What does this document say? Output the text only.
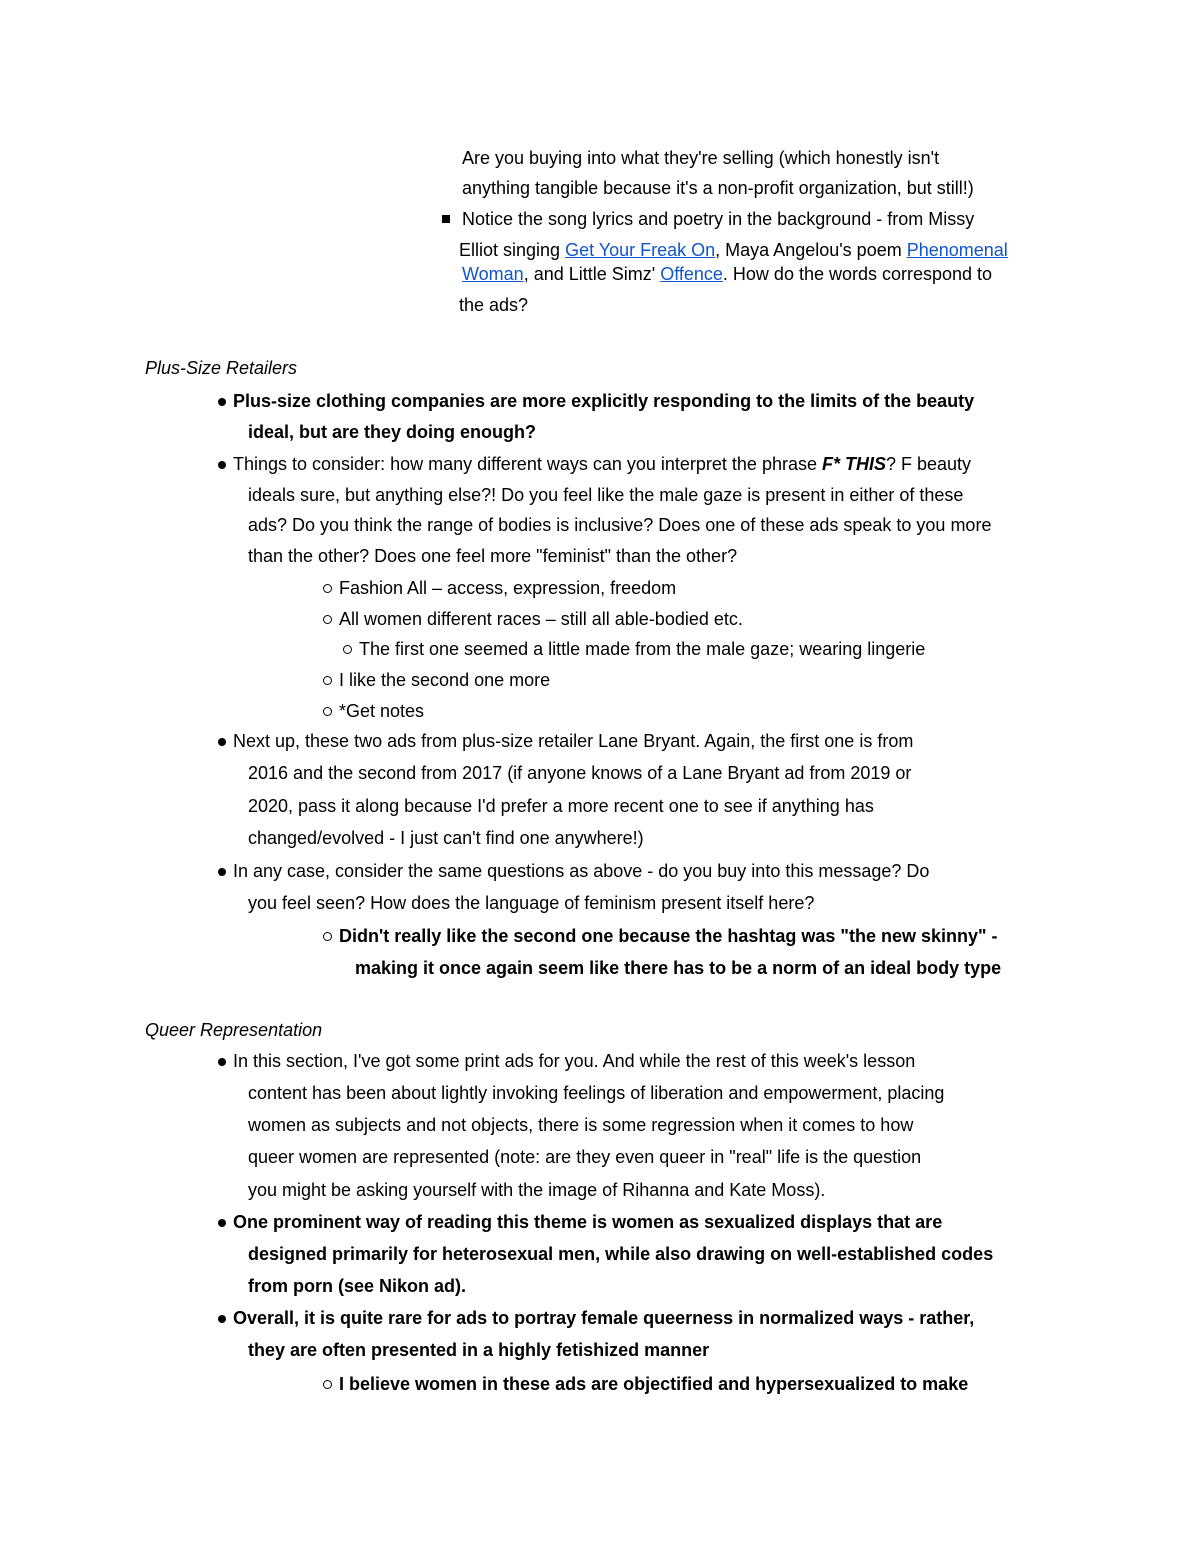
Are you buying into what they're selling (which honestly isn't
anything tangible because it's a non-profit organization, but still!)
Notice the song lyrics and poetry in the background - from Missy
Elliot singing Get Your Freak On, Maya Angelou's poem Phenomenal
Woman, and Little Simz' Offence. How do the words correspond to
the ads?
Plus-Size Retailers
Plus-size clothing companies are more explicitly responding to the limits of the beauty
ideal, but are they doing enough?
Things to consider: how many different ways can you interpret the phrase F* THIS? F beauty
ideals sure, but anything else?! Do you feel like the male gaze is present in either of these
ads? Do you think the range of bodies is inclusive? Does one of these ads speak to you more
than the other? Does one feel more "feminist" than the other?
Fashion All – access, expression, freedom
All women different races – still all able-bodied etc.
The first one seemed a little made from the male gaze; wearing lingerie
I like the second one more
*Get notes
Next up, these two ads from plus-size retailer Lane Bryant. Again, the first one is from
2016 and the second from 2017 (if anyone knows of a Lane Bryant ad from 2019 or
2020, pass it along because I'd prefer a more recent one to see if anything has
changed/evolved - I just can't find one anywhere!)
In any case, consider the same questions as above - do you buy into this message? Do
you feel seen? How does the language of feminism present itself here?
Didn't really like the second one because the hashtag was "the new skinny" -
making it once again seem like there has to be a norm of an ideal body type
Queer Representation
In this section, I've got some print ads for you. And while the rest of this week's lesson
content has been about lightly invoking feelings of liberation and empowerment, placing
women as subjects and not objects, there is some regression when it comes to how
queer women are represented (note: are they even queer in "real" life is the question
you might be asking yourself with the image of Rihanna and Kate Moss).
One prominent way of reading this theme is women as sexualized displays that are
designed primarily for heterosexual men, while also drawing on well-established codes
from porn (see Nikon ad).
Overall, it is quite rare for ads to portray female queerness in normalized ways - rather,
they are often presented in a highly fetishized manner
I believe women in these ads are objectified and hypersexualized to make
